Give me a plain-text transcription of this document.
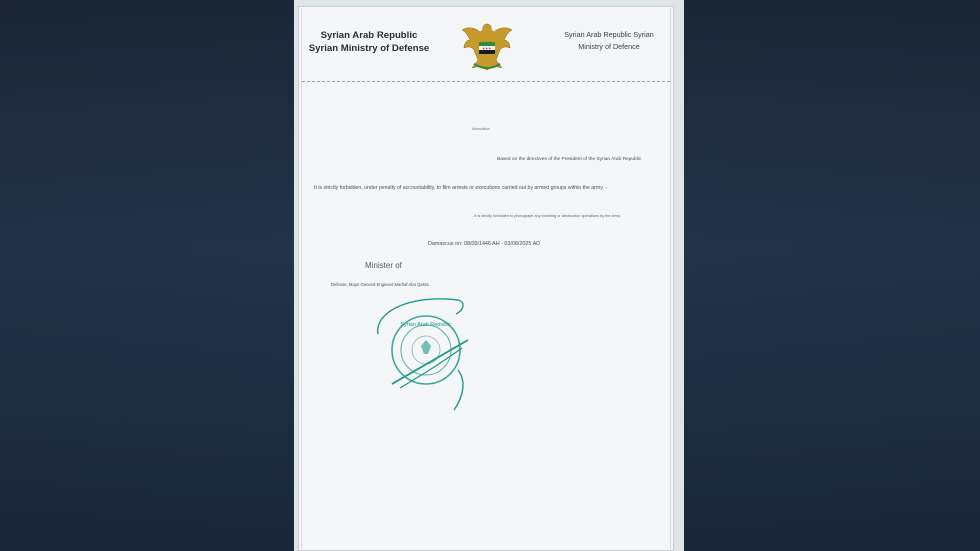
Syrian Arab Republic
Syrian Ministry of Defense	★★★
Syrian Arab Republic Syrian
Ministry of Defence
Ammunition
Based on the directives of the President of the Syrian Arab Republic
It is strictly forbidden, under penalty of accountability, to film arrests or executions carried out by armed groups within the army. -
- It is strictly forbidden to photograph any bombing or destruction operations by the army.
Damascus on: 08/09/1446 AH - 03/08/2025 AD
Minister of
Defense, Major General Engineer Marhaf Abu Qasra
Syrian Arab Republic
